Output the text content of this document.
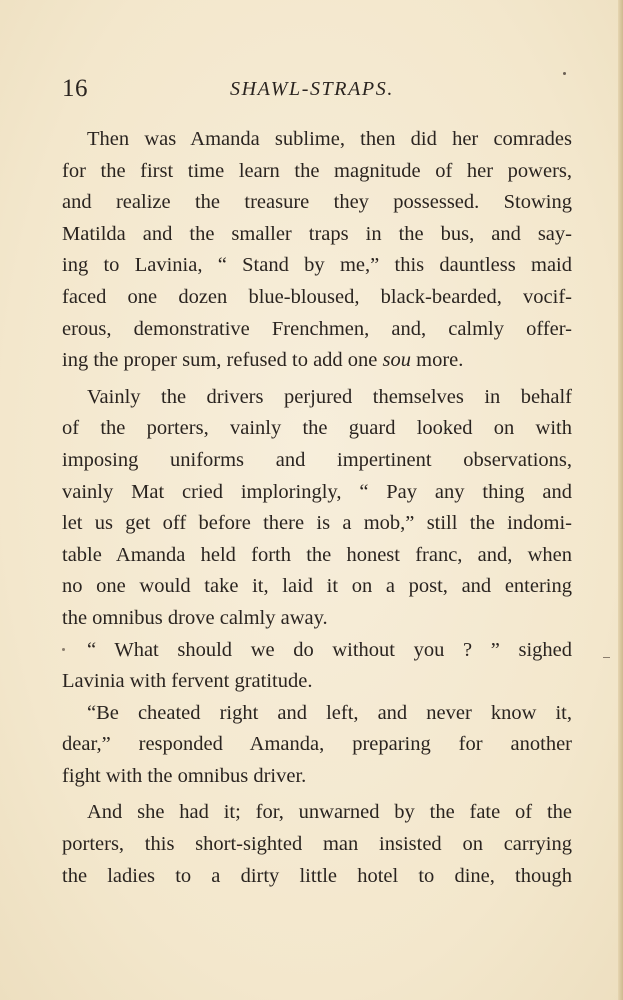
16	SHAWL-STRAPS.
Then was Amanda sublime, then did her comrades
for the first time learn the magnitude of her powers,
and realize the treasure they possessed. Stowing
Matilda and the smaller traps in the bus, and say-
ing to Lavinia, “ Stand by me,” this dauntless maid
faced one dozen blue-bloused, black-bearded, vocif-
erous, demonstrative Frenchmen, and, calmly offer-
ing the proper sum, refused to add one sou more.
Vainly the drivers perjured themselves in behalf
of the porters, vainly the guard looked on with
imposing uniforms and impertinent observations,
vainly Mat cried imploringly, “ Pay any thing and
let us get off before there is a mob,” still the indomi-
table Amanda held forth the honest franc, and, when
no one would take it, laid it on a post, and entering
the omnibus drove calmly away.
“ What should we do without you ? ” sighed
Lavinia with fervent gratitude.
“Be cheated right and left, and never know it,
dear,” responded Amanda, preparing for another
fight with the omnibus driver.
And she had it; for, unwarned by the fate of the
porters, this short-sighted man insisted on carrying
the ladies to a dirty little hotel to dine, though
